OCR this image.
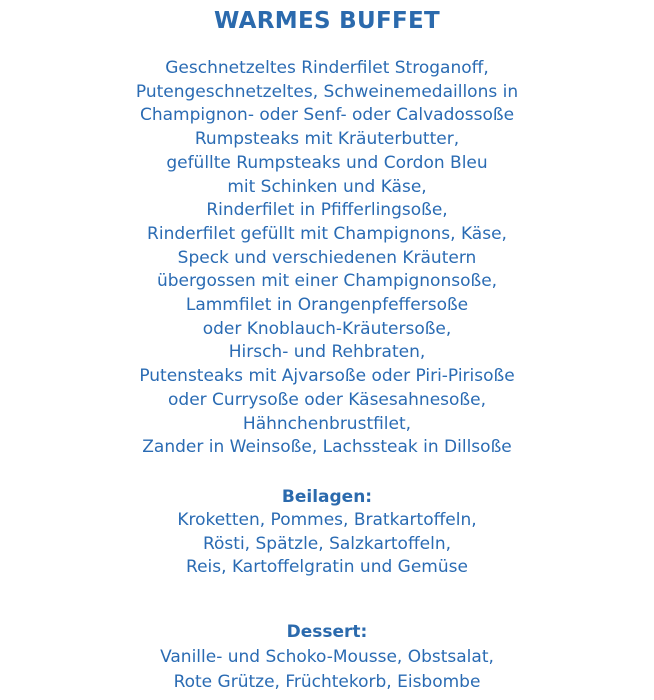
WARMES BUFFET
Geschnetzeltes Rinderfilet Stroganoff,
Putengeschnetzeltes, Schweinemedaillons in
Champignon- oder Senf- oder Calvadossoße
Rumpsteaks mit Kräuterbutter,
gefüllte Rumpsteaks und Cordon Bleu
mit Schinken und Käse,
Rinderfilet in Pfifferlingsoße,
Rinderfilet gefüllt mit Champignons, Käse,
Speck und verschiedenen Kräutern
übergossen mit einer Champignonsoße,
Lammfilet in Orangenpfeffersoße
oder Knoblauch-Kräutersoße,
Hirsch- und Rehbraten,
Putensteaks mit Ajvarsoße oder Piri-Pirisoße
oder Currysoße oder Käsesahnesoße,
Hähnchenbrustfilet,
Zander in Weinsoße, Lachssteak in Dillsoße
Beilagen:
Kroketten, Pommes, Bratkartoffeln,
Rösti, Spätzle, Salzkartoffeln,
Reis, Kartoffelgratin und Gemüse
Dessert:
Vanille- und Schoko-Mousse, Obstsalat,
Rote Grütze, Früchtekorb, Eisbombe
